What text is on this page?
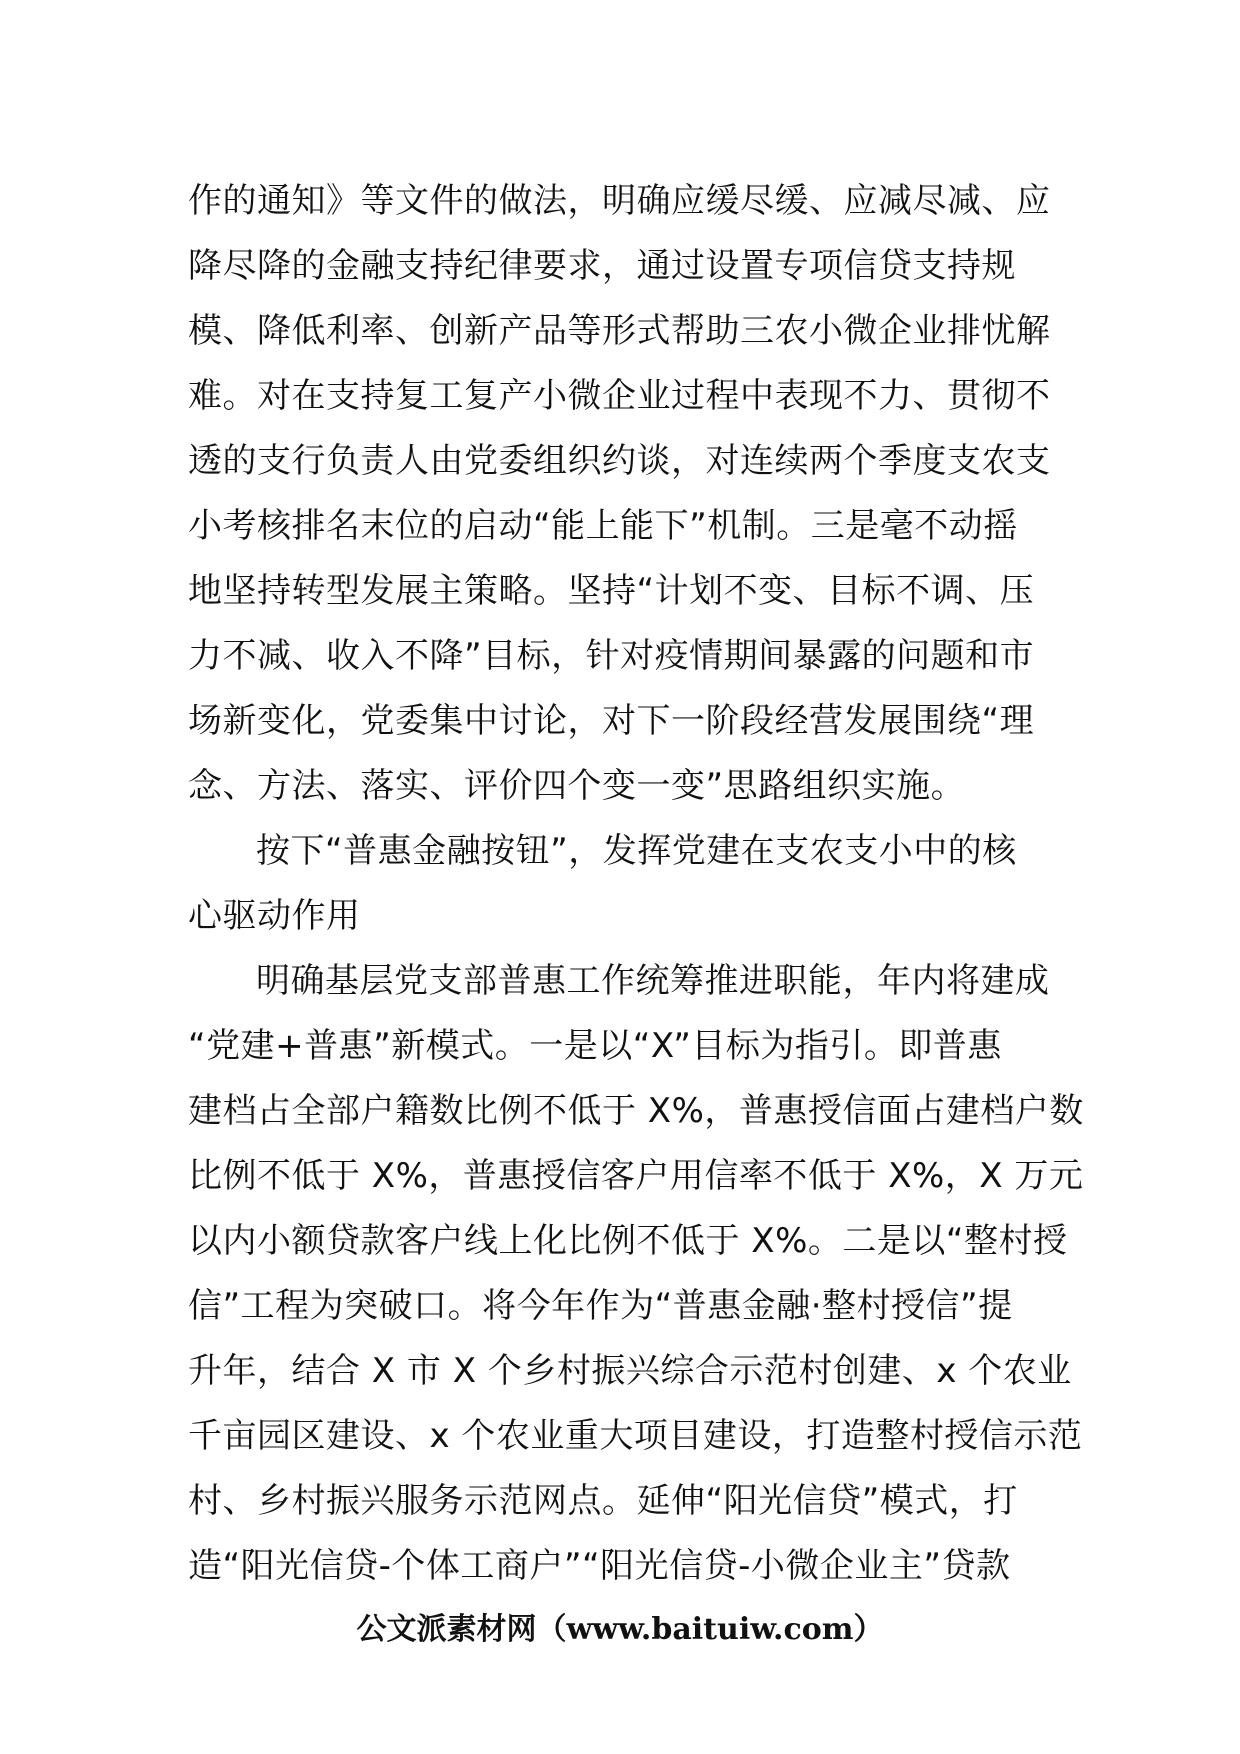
作的通知》等文件的做法，明确应缓尽缓、应减尽减、应
降尽降的金融支持纪律要求，通过设置专项信贷支持规
模、降低利率、创新产品等形式帮助三农小微企业排忧解
难。对在支持复工复产小微企业过程中表现不力、贯彻不
透的支行负责人由党委组织约谈，对连续两个季度支农支
小考核排名末位的启动“能上能下”机制。三是毫不动摇
地坚持转型发展主策略。坚持“计划不变、目标不调、压
力不减、收入不降”目标，针对疫情期间暴露的问题和市
场新变化，党委集中讨论，对下一阶段经营发展围绕“理
念、方法、落实、评价四个变一变”思路组织实施。
按下“普惠金融按钮”，发挥党建在支农支小中的核
心驱动作用
明确基层党支部普惠工作统筹推进职能，年内将建成
“党建+普惠”新模式。一是以“X”目标为指引。即普惠
建档占全部户籍数比例不低于 X%，普惠授信面占建档户数
比例不低于 X%，普惠授信客户用信率不低于 X%，X 万元
以内小额贷款客户线上化比例不低于 X%。二是以“整村授
信”工程为突破口。将今年作为“普惠金融·整村授信”提
升年，结合 X 市 X 个乡村振兴综合示范村创建、x 个农业
千亩园区建设、x 个农业重大项目建设，打造整村授信示范
村、乡村振兴服务示范网点。延伸“阳光信贷”模式，打
造“阳光信贷-个体工商户”“阳光信贷-小微企业主”贷款
公文派素材网（www.baituiw.com）
